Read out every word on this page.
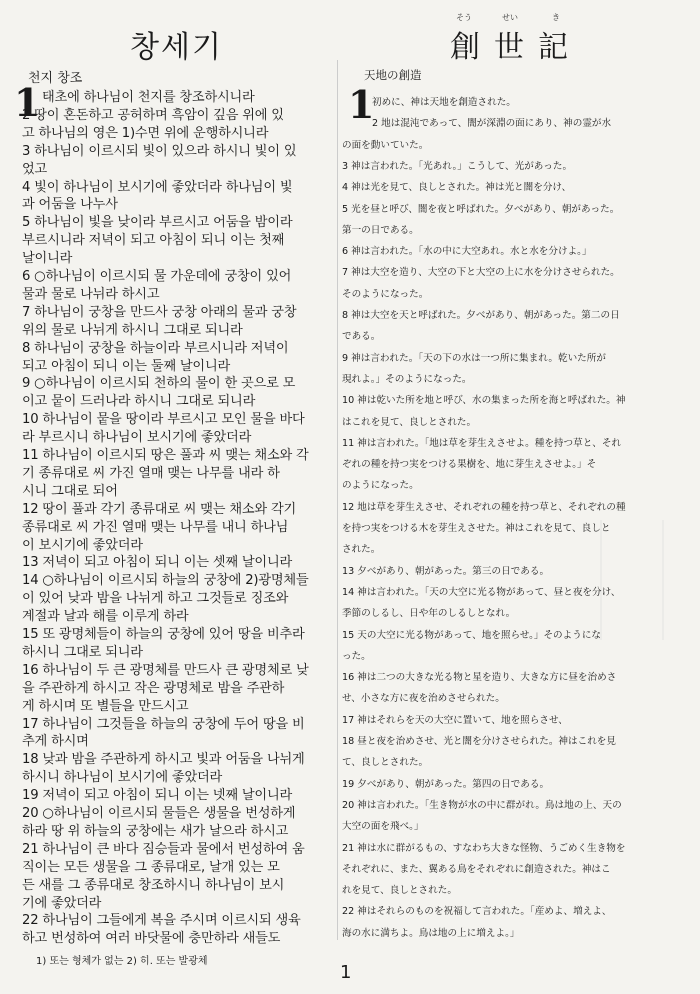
창세기
천지 창조
1 태초에 하나님이 천지를 창조하시니라
2 땅이 혼돈하고 공허하며 흑암이 깊음 위에 있
고 하나님의 영은 1)수면 위에 운행하시니라
3 하나님이 이르시되 빛이 있으라 하시니 빛이 있
었고
4 빛이 하나님이 보시기에 좋았더라 하나님이 빛
과 어둠을 나누사
5 하나님이 빛을 낮이라 부르시고 어둠을 밤이라
부르시니라 저녁이 되고 아침이 되니 이는 첫째
날이니라
6 ○하나님이 이르시되 물 가운데에 궁창이 있어
물과 물로 나뉘라 하시고
7 하나님이 궁창을 만드사 궁창 아래의 물과 궁창
위의 물로 나뉘게 하시니 그대로 되니라
8 하나님이 궁창을 하늘이라 부르시니라 저녁이
되고 아침이 되니 이는 둘째 날이니라
9 ○하나님이 이르시되 천하의 물이 한 곳으로 모
이고 뭍이 드러나라 하시니 그대로 되니라
10 하나님이 뭍을 땅이라 부르시고 모인 물을 바다
라 부르시니 하나님이 보시기에 좋았더라
11 하나님이 이르시되 땅은 풀과 씨 맺는 채소와 각
기 종류대로 씨 가진 열매 맺는 나무를 내라 하
시니 그대로 되어
12 땅이 풀과 각기 종류대로 씨 맺는 채소와 각기
종류대로 씨 가진 열매 맺는 나무를 내니 하나님
이 보시기에 좋았더라
13 저녁이 되고 아침이 되니 이는 셋째 날이니라
14 ○하나님이 이르시되 하늘의 궁창에 2)광명체들
이 있어 낮과 밤을 나뉘게 하고 그것들로 징조와
계절과 날과 해를 이루게 하라
15 또 광명체들이 하늘의 궁창에 있어 땅을 비추라
하시니 그대로 되니라
16 하나님이 두 큰 광명체를 만드사 큰 광명체로 낮
을 주관하게 하시고 작은 광명체로 밤을 주관하
게 하시며 또 별들을 만드시고
17 하나님이 그것들을 하늘의 궁창에 두어 땅을 비
추게 하시며
18 낮과 밤을 주관하게 하시고 빛과 어둠을 나뉘게
하시니 하나님이 보시기에 좋았더라
19 저녁이 되고 아침이 되니 이는 넷째 날이니라
20 ○하나님이 이르시되 물들은 생물을 번성하게
하라 땅 위 하늘의 궁창에는 새가 날으라 하시고
21 하나님이 큰 바다 짐승들과 물에서 번성하여 움
직이는 모든 생물을 그 종류대로, 날개 있는 모
든 새를 그 종류대로 창조하시니 하나님이 보시
기에 좋았더라
22 하나님이 그들에게 복을 주시며 이르시되 생육
하고 번성하여 여러 바닷물에 충만하라 새들도
1) 또는 형체가 없는 2) 히. 또는 발광체
創世記
そう	せい	き
天地の創造
1
初めに、神は天地を創造された。
2 地は混沌であって、闇が深淵の面にあり、神の霊が水
の面を動いていた。
3 神は言われた。「光あれ。」こうして、光があった。
4 神は光を見て、良しとされた。神は光と闇を分け、
5 光を昼と呼び、闇を夜と呼ばれた。夕べがあり、朝があった。
第一の日である。
6 神は言われた。「水の中に大空あれ。水と水を分けよ。」
7 神は大空を造り、大空の下と大空の上に水を分けさせられた。
そのようになった。
8 神は大空を天と呼ばれた。夕べがあり、朝があった。第二の日
である。
9 神は言われた。「天の下の水は一つ所に集まれ。乾いた所が
現れよ。」そのようになった。
10 神は乾いた所を地と呼び、水の集まった所を海と呼ばれた。神
はこれを見て、良しとされた。
11 神は言われた。「地は草を芽生えさせよ。種を持つ草と、それ
ぞれの種を持つ実をつける果樹を、地に芽生えさせよ。」そ
のようになった。
12 地は草を芽生えさせ、それぞれの種を持つ草と、それぞれの種
を持つ実をつける木を芽生えさせた。神はこれを見て、良しと
された。
13 夕べがあり、朝があった。第三の日である。
14 神は言われた。「天の大空に光る物があって、昼と夜を分け、
季節のしるし、日や年のしるしとなれ。
15 天の大空に光る物があって、地を照らせ。」そのようにな
った。
16 神は二つの大きな光る物と星を造り、大きな方に昼を治めさ
せ、小さな方に夜を治めさせられた。
17 神はそれらを天の大空に置いて、地を照らさせ、
18 昼と夜を治めさせ、光と闇を分けさせられた。神はこれを見
て、良しとされた。
19 夕べがあり、朝があった。第四の日である。
20 神は言われた。「生き物が水の中に群がれ。鳥は地の上、天の
大空の面を飛べ。」
21 神は水に群がるもの、すなわち大きな怪物、うごめく生き物を
それぞれに、また、翼ある鳥をそれぞれに創造された。神はこ
れを見て、良しとされた。
22 神はそれらのものを祝福して言われた。「産めよ、増えよ、
海の水に満ちよ。鳥は地の上に増えよ。」
1
